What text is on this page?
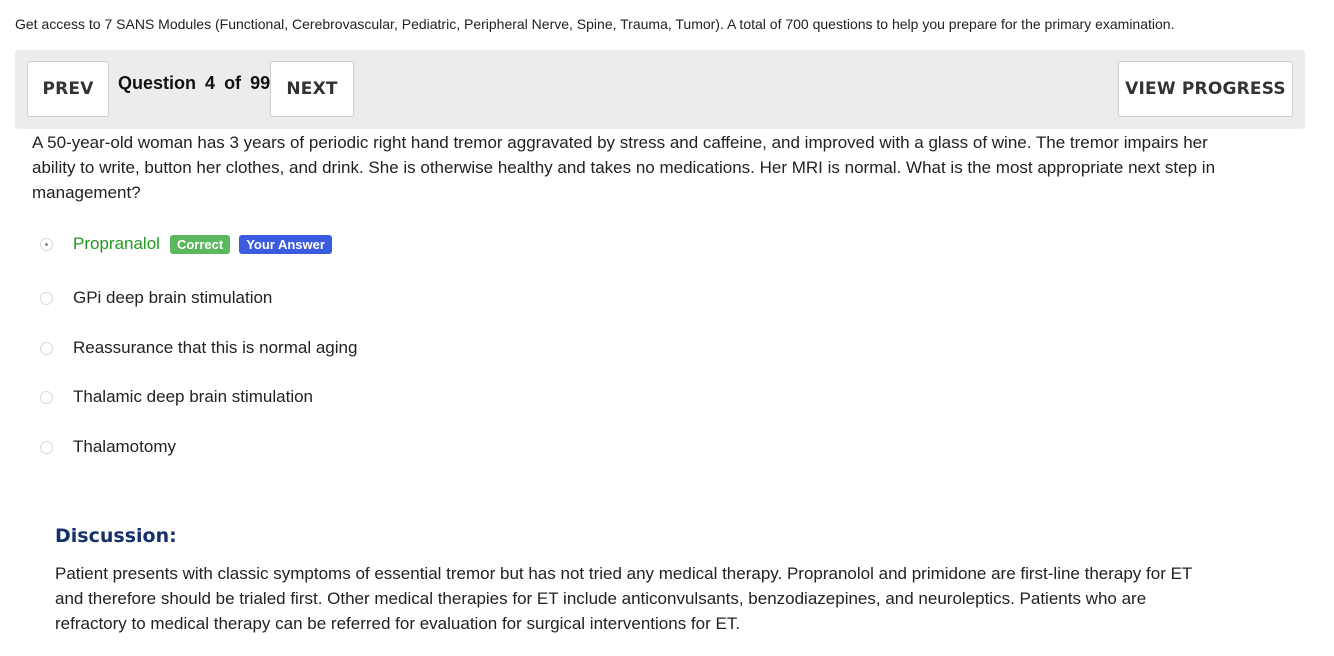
Get access to 7 SANS Modules (Functional, Cerebrovascular, Pediatric, Peripheral Nerve, Spine, Trauma, Tumor). A total of 700 questions to help you prepare for the primary examination.
PREV	Question 4 of 99 NEXT	VIEW PROGRESS
A 50-year-old woman has 3 years of periodic right hand tremor aggravated by stress and caffeine, and improved with a glass of wine. The tremor impairs her ability to write, button her clothes, and drink. She is otherwise healthy and takes no medications. Her MRI is normal. What is the most appropriate next step in management?
Propranalol	Correct	Your Answer
GPi deep brain stimulation
Reassurance that this is normal aging
Thalamic deep brain stimulation
Thalamotomy
Discussion:
Patient presents with classic symptoms of essential tremor but has not tried any medical therapy. Propranolol and primidone are first-line therapy for ET and therefore should be trialed first. Other medical therapies for ET include anticonvulsants, benzodiazepines, and neuroleptics. Patients who are refractory to medical therapy can be referred for evaluation for surgical interventions for ET.
